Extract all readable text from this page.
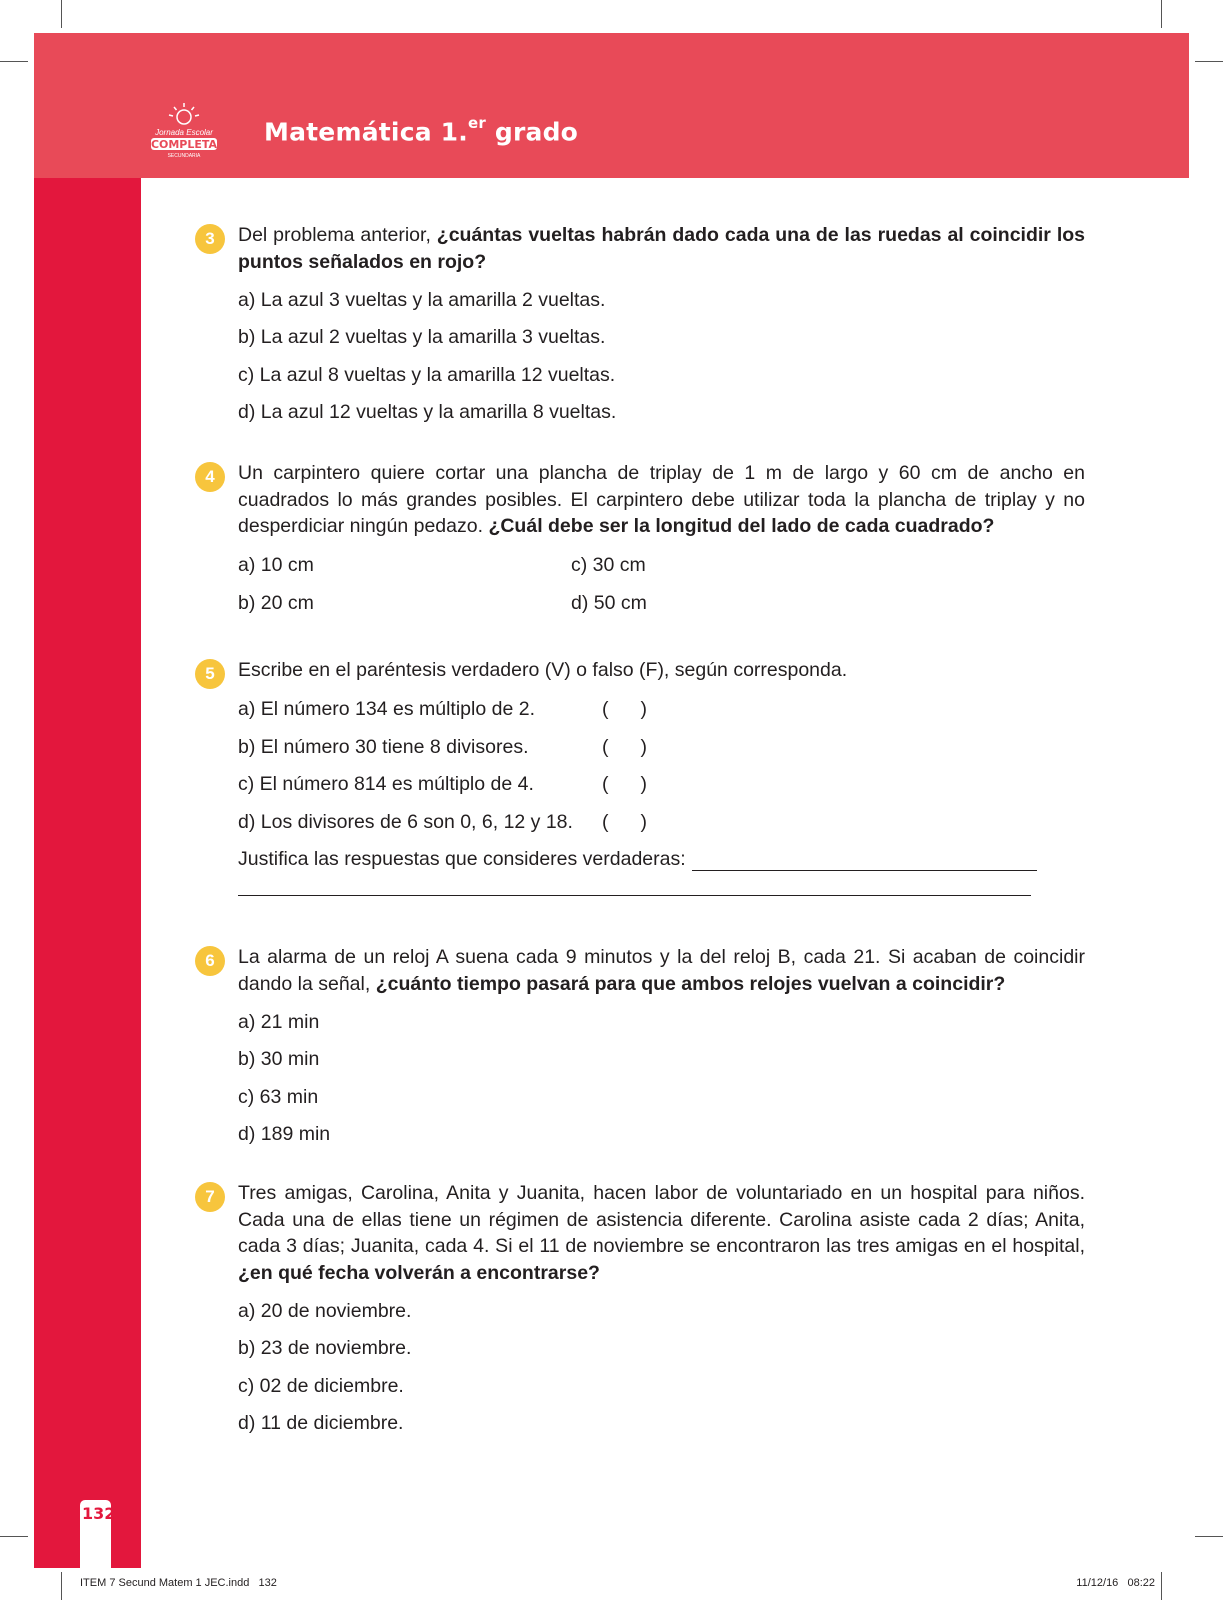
Jornada Escolar
COMPLETA
SECUNDARIA
Matemática 1.$^{er}$ grado
3	Del problema anterior, ¿cuántas vueltas habrán dado cada una de las ruedas al coincidir los puntos señalados en rojo?
a) La azul 3 vueltas y la amarilla 2 vueltas.
b) La azul 2 vueltas y la amarilla 3 vueltas.
c) La azul 8 vueltas y la amarilla 12 vueltas.
d) La azul 12 vueltas y la amarilla 8 vueltas.
4	Un carpintero quiere cortar una plancha de triplay de 1 m de largo y 60 cm de ancho en cuadrados lo más grandes posibles. El carpintero debe utilizar toda la plancha de triplay y no desperdiciar ningún pedazo. ¿Cuál debe ser la longitud del lado de cada cuadrado?
a) 10 cm	c) 30 cm
b) 20 cm	d) 50 cm
5	Escribe en el paréntesis verdadero (V) o falso (F), según corresponda.
a) El número 134 es múltiplo de 2.	( )
b) El número 30 tiene 8 divisores.	( )
c) El número 814 es múltiplo de 4.	( )
d) Los divisores de 6 son 0, 6, 12 y 18.	( )
Justifica las respuestas que consideres verdaderas:
6	La alarma de un reloj A suena cada 9 minutos y la del reloj B, cada 21. Si acaban de coincidir dando la señal, ¿cuánto tiempo pasará para que ambos relojes vuelvan a coincidir?
a) 21 min
b) 30 min
c) 63 min
d) 189 min
7	Tres amigas, Carolina, Anita y Juanita, hacen labor de voluntariado en un hospital para niños. Cada una de ellas tiene un régimen de asistencia diferente. Carolina asiste cada 2 días; Anita, cada 3 días; Juanita, cada 4. Si el 11 de noviembre se encontraron las tres amigas en el hospital, ¿en qué fecha volverán a encontrarse?
a) 20 de noviembre.
b) 23 de noviembre.
c) 02 de diciembre.
d) 11 de diciembre.
132
ITEM 7 Secund Matem 1 JEC.indd   132	11/12/16   08:22
